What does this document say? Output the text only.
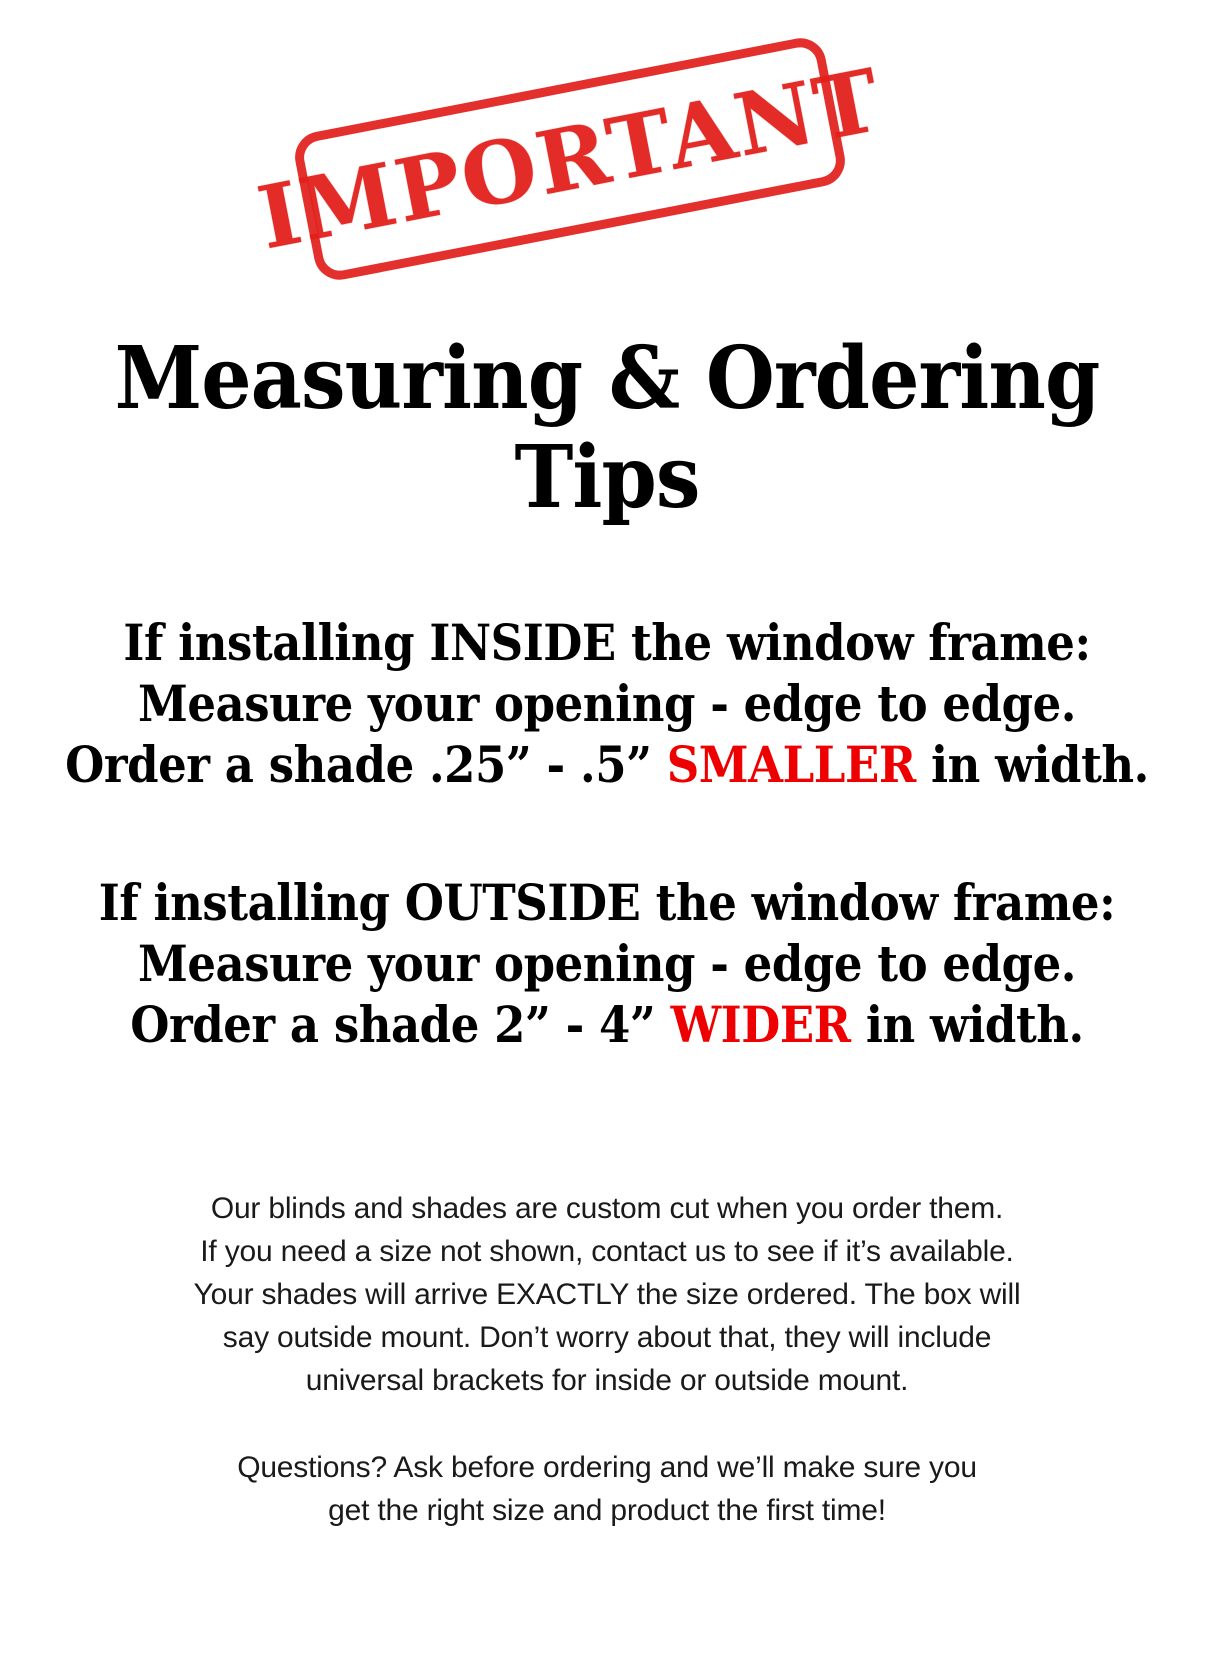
IMPORTANT
Measuring & Ordering Tips
If installing INSIDE the window frame:
Measure your opening - edge to edge.
Order a shade .25” - .5” SMALLER in width.
If installing OUTSIDE the window frame:
Measure your opening - edge to edge.
Order a shade 2” - 4” WIDER in width.
Our blinds and shades are custom cut when you order them.
If you need a size not shown, contact us to see if it’s available.
Your shades will arrive EXACTLY the size ordered. The box will
say outside mount. Don’t worry about that, they will include
universal brackets for inside or outside mount.
Questions? Ask before ordering and we’ll make sure you
get the right size and product the first time!
